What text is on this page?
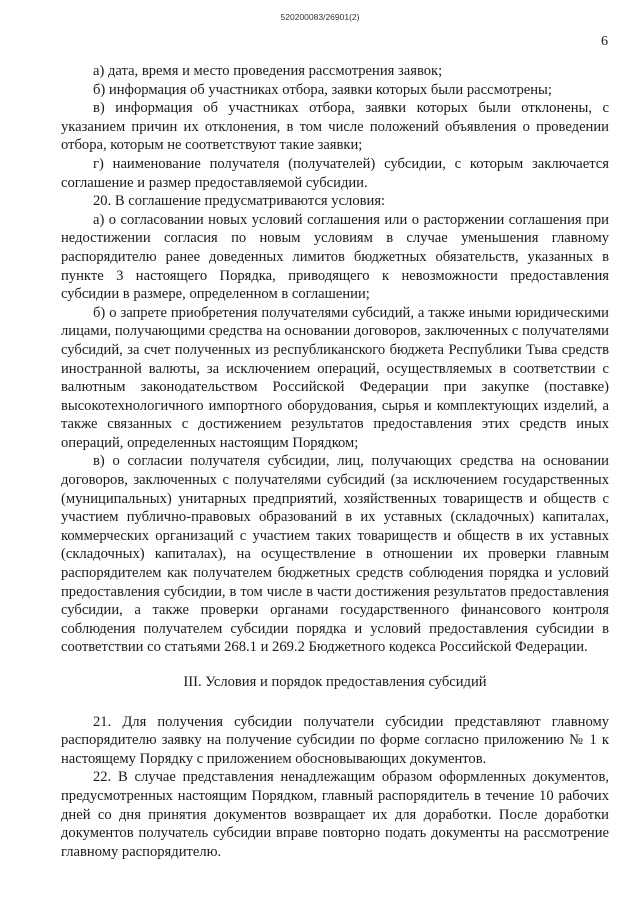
520200083/26901(2)
6

а) дата, время и место проведения рассмотрения заявок;

б) информация об участниках отбора, заявки которых были рассмотрены;

в) информация об участниках отбора, заявки которых были отклонены, с указанием причин их отклонения, в том числе положений объявления о проведении отбора, которым не соответствуют такие заявки;

г) наименование получателя (получателей) субсидии, с которым заключается соглашение и размер предоставляемой субсидии.

20. В соглашение предусматриваются условия:

а) о согласовании новых условий соглашения или о расторжении соглашения при недостижении согласия по новым условиям в случае уменьшения главному распорядителю ранее доведенных лимитов бюджетных обязательств, указанных в пункте 3 настоящего Порядка, приводящего к невозможности предоставления субсидии в размере, определенном в соглашении;

б) о запрете приобретения получателями субсидий, а также иными юридическими лицами, получающими средства на основании договоров, заключенных с получателями субсидий, за счет полученных из республиканского бюджета Республики Тыва средств иностранной валюты, за исключением операций, осуществляемых в соответствии с валютным законодательством Российской Федерации при закупке (поставке) высокотехнологичного импортного оборудования, сырья и комплектующих изделий, а также связанных с достижением результатов предоставления этих средств иных операций, определенных настоящим Порядком;

в) о согласии получателя субсидии, лиц, получающих средства на основании договоров, заключенных с получателями субсидий (за исключением государственных (муниципальных) унитарных предприятий, хозяйственных товариществ и обществ с участием публично-правовых образований в их уставных (складочных) капиталах, коммерческих организаций с участием таких товариществ и обществ в их уставных (складочных) капиталах), на осуществление в отношении их проверки главным распорядителем как получателем бюджетных средств соблюдения порядка и условий предоставления субсидии, в том числе в части достижения результатов предоставления субсидии, а также проверки органами государственного финансового контроля соблюдения получателем субсидии порядка и условий предоставления субсидии в соответствии со статьями 268.1 и 269.2 Бюджетного кодекса Российской Федерации.

III. Условия и порядок предоставления субсидий

21. Для получения субсидии получатели субсидии представляют главному распорядителю заявку на получение субсидии по форме согласно приложению № 1 к настоящему Порядку с приложением обосновывающих документов.

22. В случае представления ненадлежащим образом оформленных документов, предусмотренных настоящим Порядком, главный распорядитель в течение 10 рабочих дней со дня принятия документов возвращает их для доработки. После доработки документов получатель субсидии вправе повторно подать документы на рассмотрение главному распорядителю.
